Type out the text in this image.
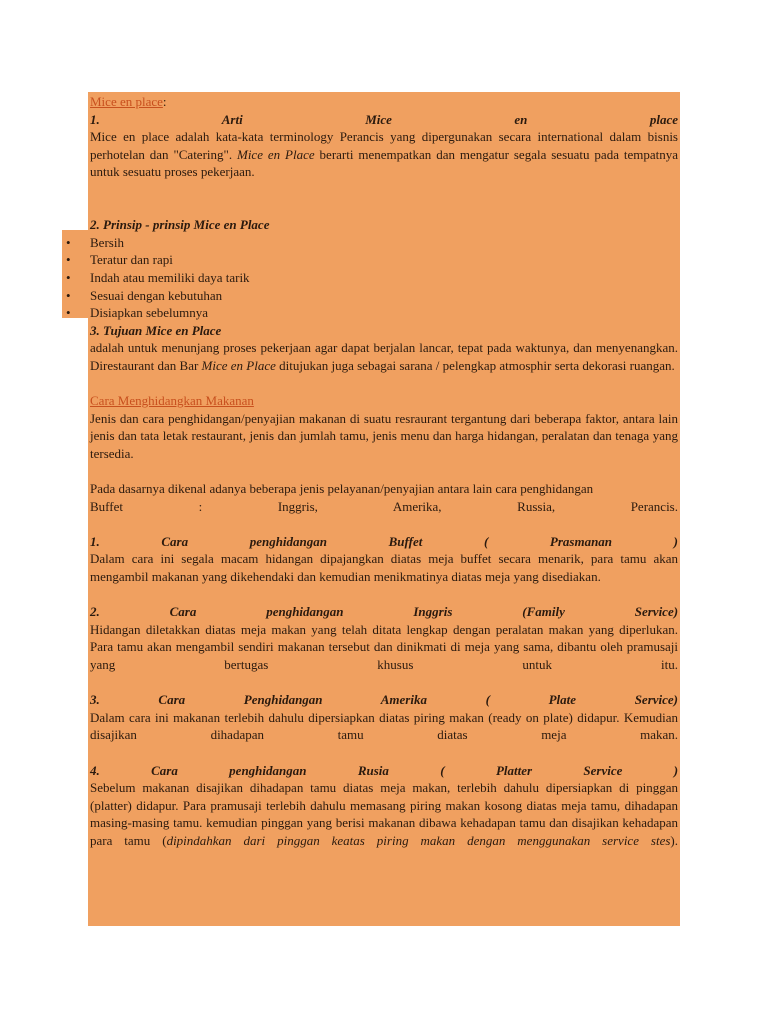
Mice en place:

1.	Arti	Mice	en	place

Mice en place adalah kata-kata terminology Perancis yang dipergunakan secara international dalam bisnis perhotelan dan "Catering". Mice en Place berarti menempatkan dan mengatur segala sesuatu pada tempatnya untuk sesuatu proses pekerjaan.

2. Prinsip - prinsip Mice en Place

• Bersih
• Teratur dan rapi
• Indah atau memiliki daya tarik
• Sesuai dengan kebutuhan
• Disiapkan sebelumnya

3. Tujuan Mice en Place

adalah untuk menunjang proses pekerjaan agar dapat berjalan lancar, tepat pada waktunya, dan menyenangkan. Direstaurant dan Bar Mice en Place ditujukan juga sebagai sarana / pelengkap atmosphir serta dekorasi ruangan.

Cara Menghidangkan Makanan

Jenis dan cara penghidangan/penyajian makanan di suatu resraurant tergantung dari beberapa faktor, antara lain jenis dan tata letak restaurant, jenis dan jumlah tamu, jenis menu dan harga hidangan, peralatan dan tenaga yang tersedia.

Pada dasarnya dikenal adanya beberapa jenis pelayanan/penyajian antara lain cara penghidangan

Buffet	:	Inggris,	Amerika,	Russia,	Perancis.

1.	Cara	penghidangan	Buffet	(	Prasmanan	)

Dalam cara ini segala macam hidangan dipajangkan diatas meja buffet secara menarik, para tamu akan mengambil makanan yang dikehendaki dan kemudian menikmatinya diatas meja yang disediakan.

2.	Cara	penghidangan	Inggris	(Family	Service)

Hidangan diletakkan diatas meja makan yang telah ditata lengkap dengan peralatan makan yang diperlukan. Para tamu akan mengambil sendiri makanan tersebut dan dinikmati di meja yang sama, dibantu oleh pramusaji yang bertugas khusus untuk itu.

3.	Cara	Penghidangan	Amerika	(	Plate	Service)

Dalam cara ini makanan terlebih dahulu dipersiapkan diatas piring makan (ready on plate) didapur. Kemudian disajikan dihadapan tamu diatas meja makan.

4.	Cara	penghidangan	Rusia	(	Platter	Service	)

Sebelum makanan disajikan dihadapan tamu diatas meja makan, terlebih dahulu dipersiapkan di pinggan (platter) didapur. Para pramusaji terlebih dahulu memasang piring makan kosong diatas meja tamu, dihadapan masing-masing tamu. kemudian pinggan yang berisi makanan dibawa kehadapan tamu dan disajikan kehadapan para tamu (dipindahkan dari pinggan keatas piring makan dengan menggunakan service stes).
